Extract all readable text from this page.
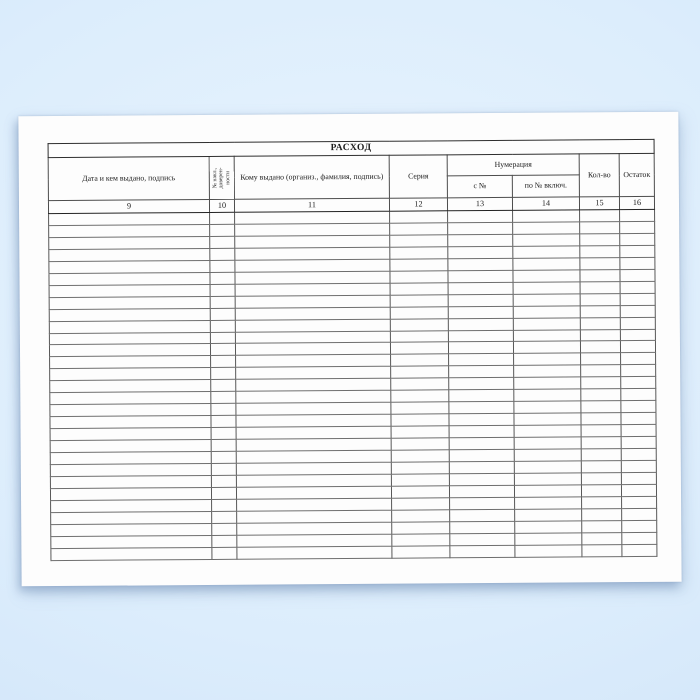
РАСХОД							
Дата и кем выдано, подпись	№ накл.,
доверен-
ности	Кому выдано (организ., фамилия, подпись)	Серия	Нумерация		Кол-во	Остаток
				с №	по № включ.		
9	10	11	12	13	14	15	16
